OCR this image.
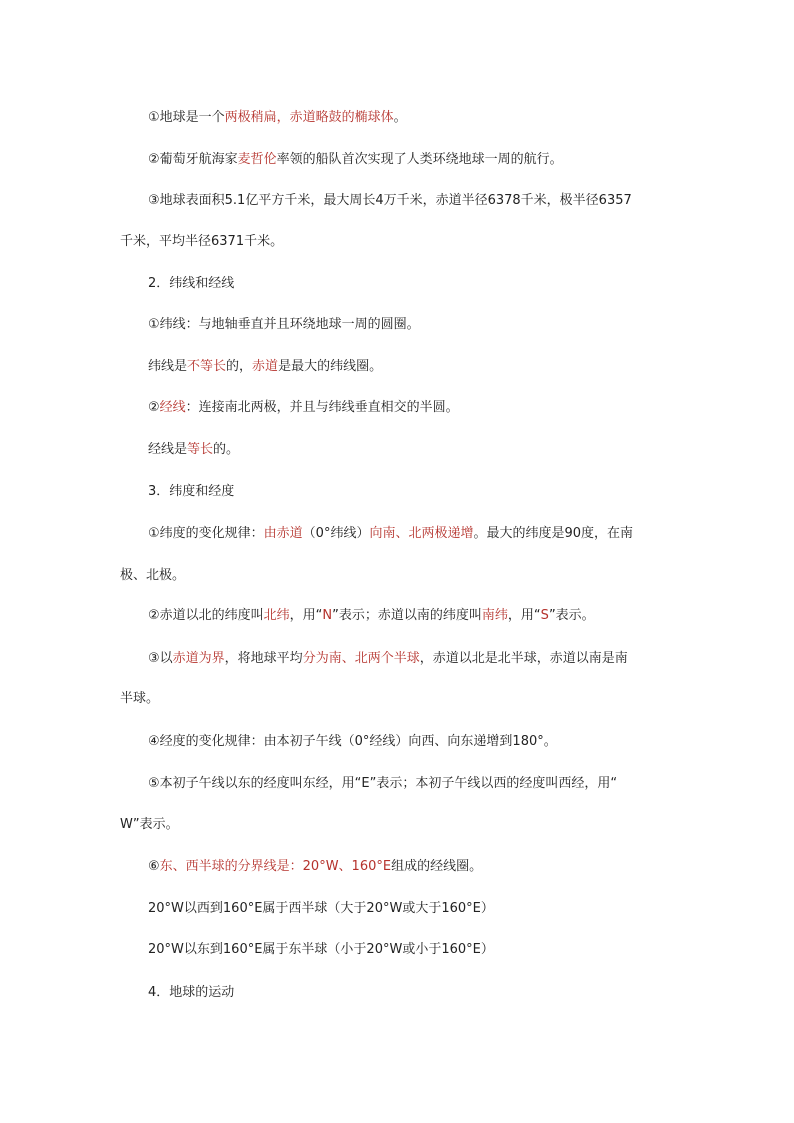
①地球是一个两极稍扁，赤道略鼓的椭球体。
②葡萄牙航海家麦哲伦率领的船队首次实现了人类环绕地球一周的航行。
③地球表面积5.1亿平方千米，最大周长4万千米，赤道半径6378千米，极半径6357
千米，平均半径6371千米。
2．纬线和经线
①纬线：与地轴垂直并且环绕地球一周的圆圈。
纬线是不等长的，赤道是最大的纬线圈。
②经线：连接南北两极，并且与纬线垂直相交的半圆。
经线是等长的。
3．纬度和经度
①纬度的变化规律：由赤道（0°纬线）向南、北两极递增。最大的纬度是90度，在南
极、北极。
②赤道以北的纬度叫北纬，用“N”表示；赤道以南的纬度叫南纬，用“S”表示。
③以赤道为界，将地球平均分为南、北两个半球，赤道以北是北半球，赤道以南是南
半球。
④经度的变化规律：由本初子午线（0°经线）向西、向东递增到180°。
⑤本初子午线以东的经度叫东经，用“E”表示；本初子午线以西的经度叫西经，用“
W”表示。
⑥东、西半球的分界线是：20°W、160°E组成的经线圈。
20°W以西到160°E属于西半球（大于20°W或大于160°E）
20°W以东到160°E属于东半球（小于20°W或小于160°E）
4．地球的运动
